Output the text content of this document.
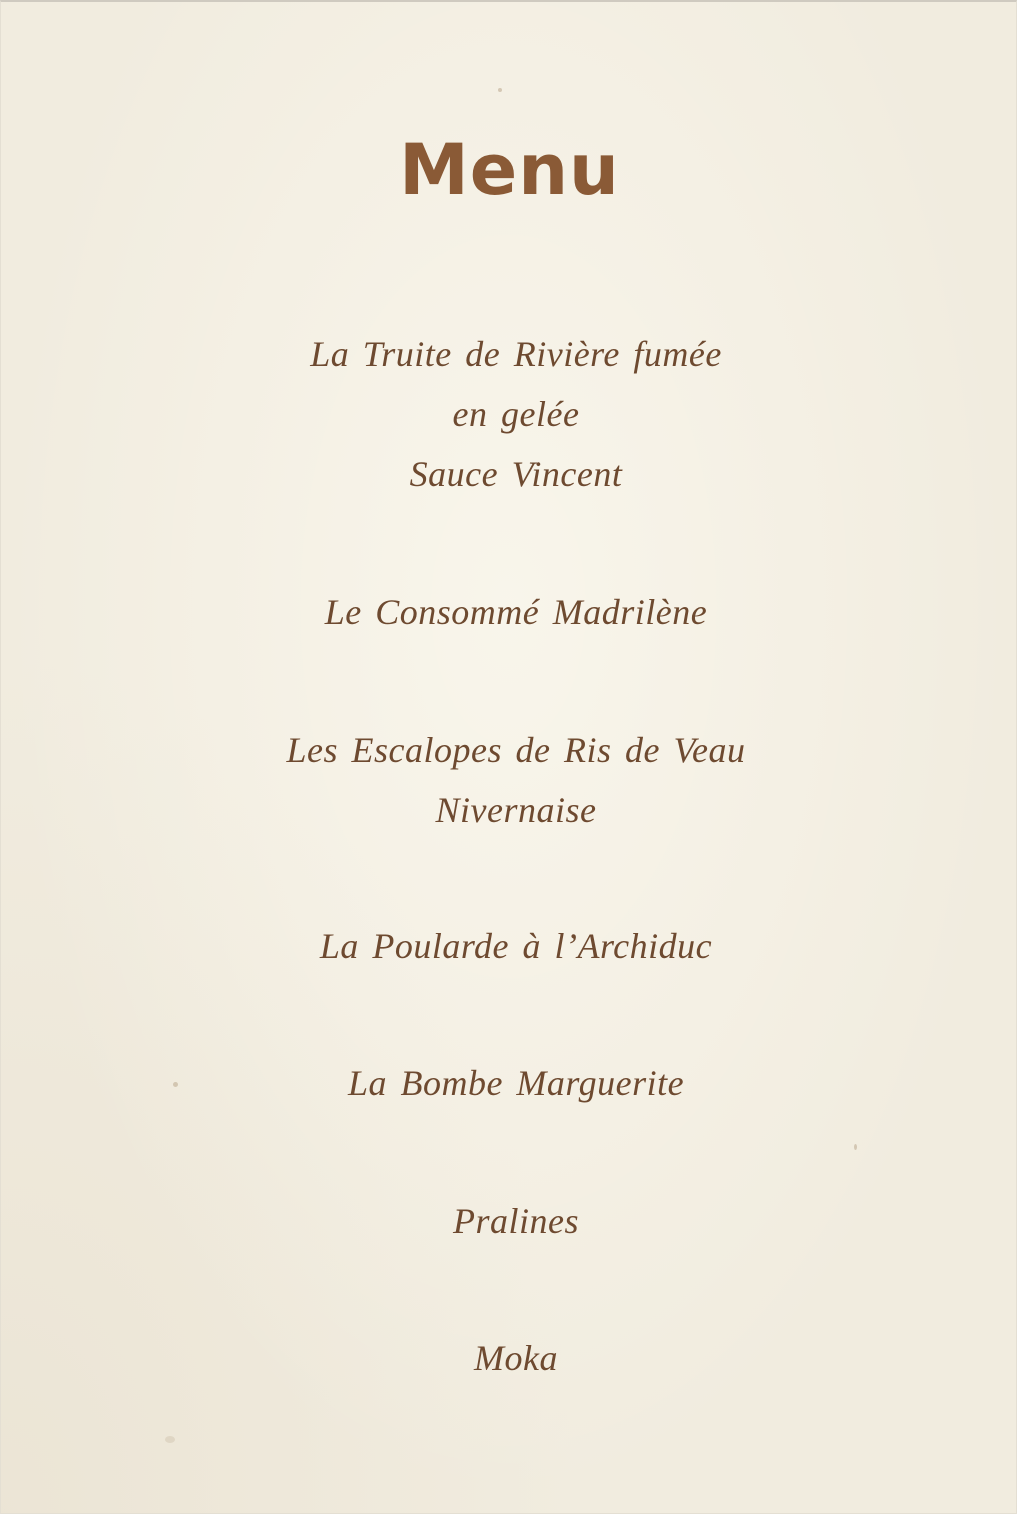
Menu
La Truite de Rivière fumée
en gelée
Sauce Vincent
Le Consommé Madrilène
Les Escalopes de Ris de Veau
Nivernaise
La Poularde à l’Archiduc
La Bombe Marguerite
Pralines
Moka
